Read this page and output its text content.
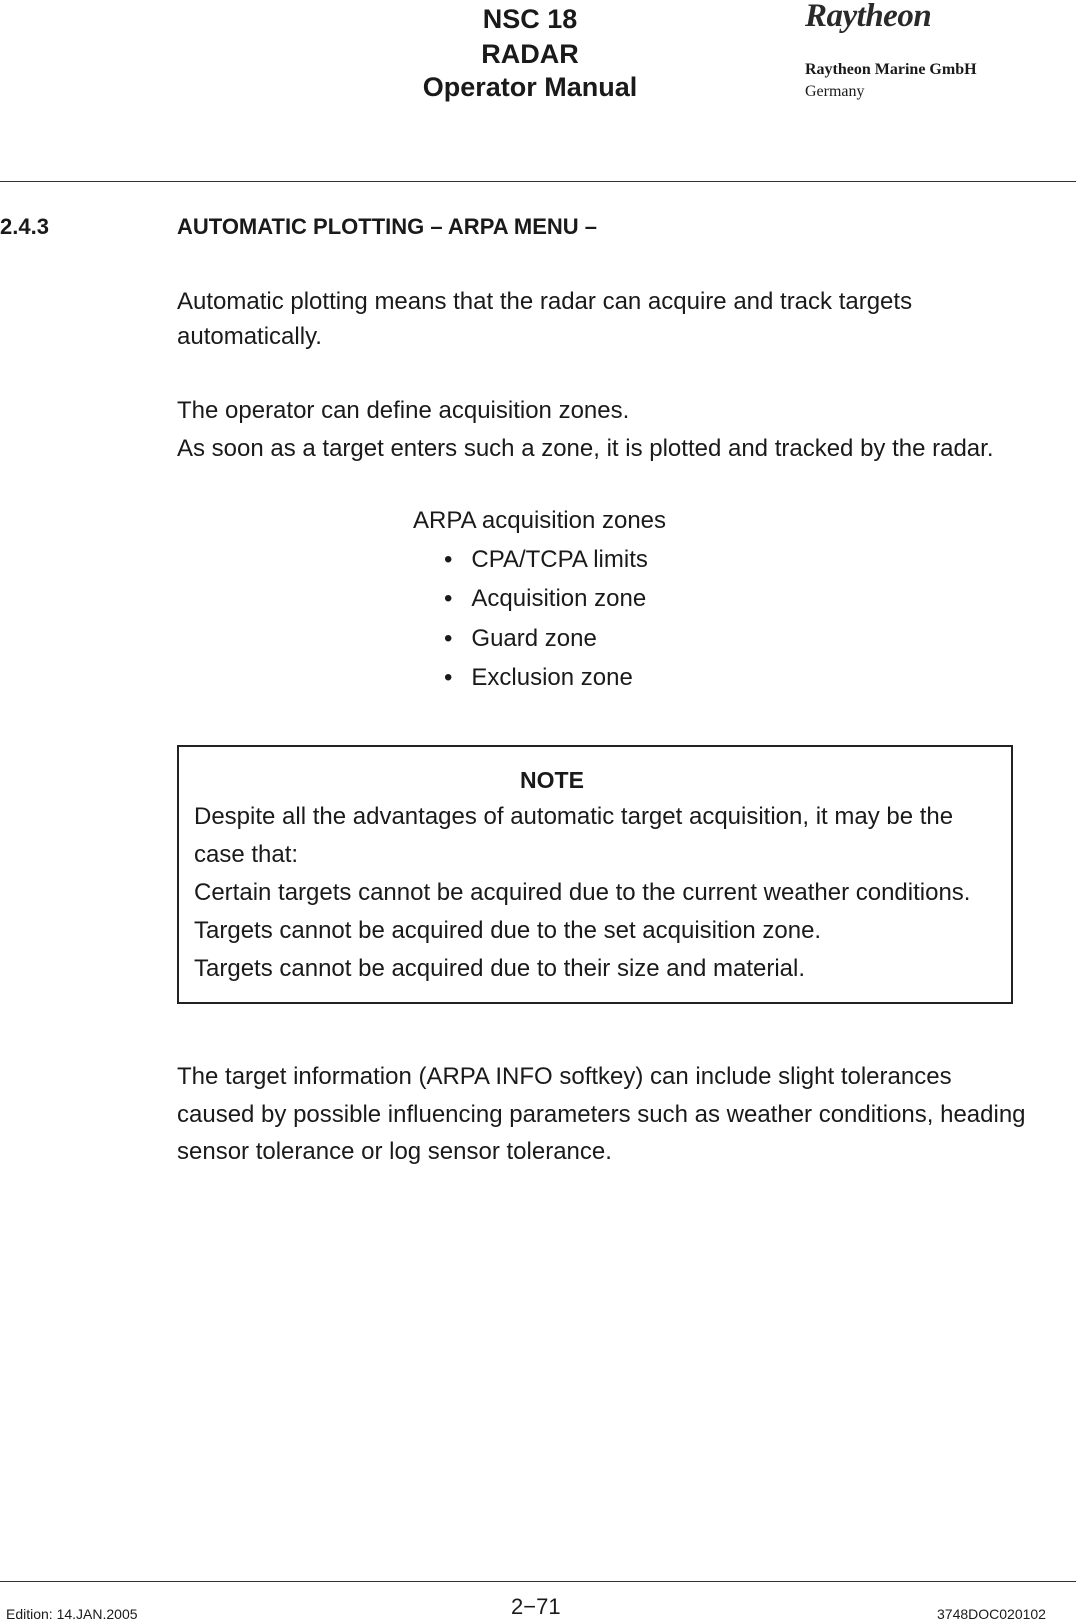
NSC 18
RADAR
Operator Manual
Raytheon
Raytheon Marine GmbH
Germany
2.4.3	AUTOMATIC PLOTTING – ARPA MENU –
Automatic plotting means that the radar can acquire and track targets
automatically.
The operator can define acquisition zones.
As soon as a target enters such a zone, it is plotted and tracked by the radar.
ARPA acquisition zones
• CPA/TCPA limits
• Acquisition zone
• Guard zone
• Exclusion zone
NOTE
Despite all the advantages of automatic target acquisition, it may be the
case that:
Certain targets cannot be acquired due to the current weather conditions.
Targets cannot be acquired due to the set acquisition zone.
Targets cannot be acquired due to their size and material.
The target information (ARPA INFO softkey) can include slight tolerances
caused by possible influencing parameters such as weather conditions, heading
sensor tolerance or log sensor tolerance.
Edition: 14.JAN.2005	2−71	3748DOC020102
